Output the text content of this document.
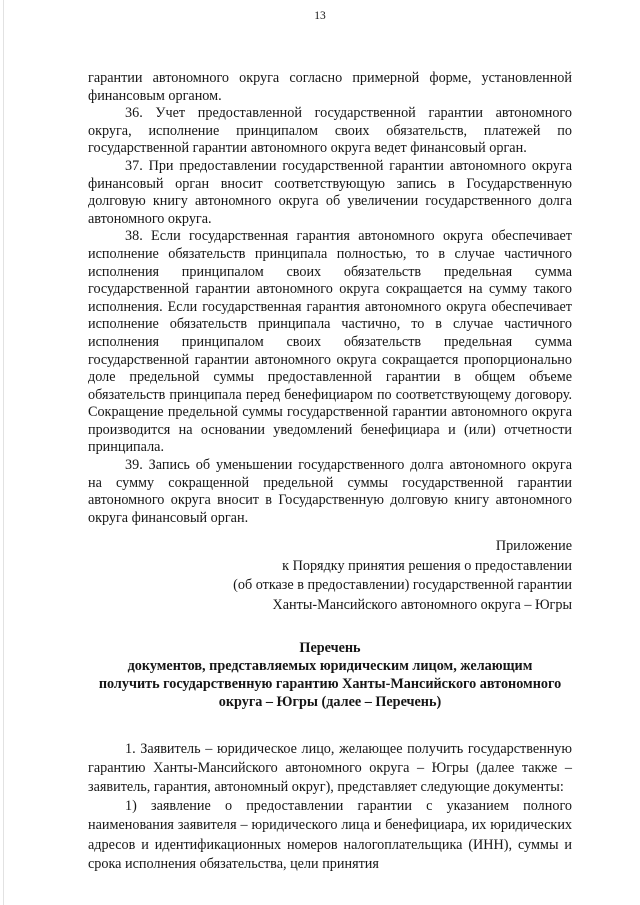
13

гарантии автономного округа согласно примерной форме, установленной финансовым органом.

36. Учет предоставленной государственной гарантии автономного округа, исполнение принципалом своих обязательств, платежей по государственной гарантии автономного округа ведет финансовый орган.

37. При предоставлении государственной гарантии автономного округа финансовый орган вносит соответствующую запись в Государственную долговую книгу автономного округа об увеличении государственного долга автономного округа.

38. Если государственная гарантия автономного округа обеспечивает исполнение обязательств принципала полностью, то в случае частичного исполнения принципалом своих обязательств предельная сумма государственной гарантии автономного округа сокращается на сумму такого исполнения. Если государственная гарантия автономного округа обеспечивает исполнение обязательств принципала частично, то в случае частичного исполнения принципалом своих обязательств предельная сумма государственной гарантии автономного округа сокращается пропорционально доле предельной суммы предоставленной гарантии в общем объеме обязательств принципала перед бенефициаром по соответствующему договору. Сокращение предельной суммы государственной гарантии автономного округа производится на основании уведомлений бенефициара и (или) отчетности принципала.

39. Запись об уменьшении государственного долга автономного округа на сумму сокращенной предельной суммы государственной гарантии автономного округа вносит в Государственную долговую книгу автономного округа финансовый орган.

Приложение
к Порядку принятия решения о предоставлении
(об отказе в предоставлении) государственной гарантии
Ханты-Мансийского автономного округа – Югры
Перечень
документов, представляемых юридическим лицом, желающим получить государственную гарантию Ханты-Мансийского автономного округа – Югры (далее – Перечень)

1. Заявитель – юридическое лицо, желающее получить государственную гарантию Ханты-Мансийского автономного округа – Югры (далее также – заявитель, гарантия, автономный округ), представляет следующие документы:

1) заявление о предоставлении гарантии с указанием полного наименования заявителя – юридического лица и бенефициара, их юридических адресов и идентификационных номеров налогоплательщика (ИНН), суммы и срока исполнения обязательства, цели принятия
